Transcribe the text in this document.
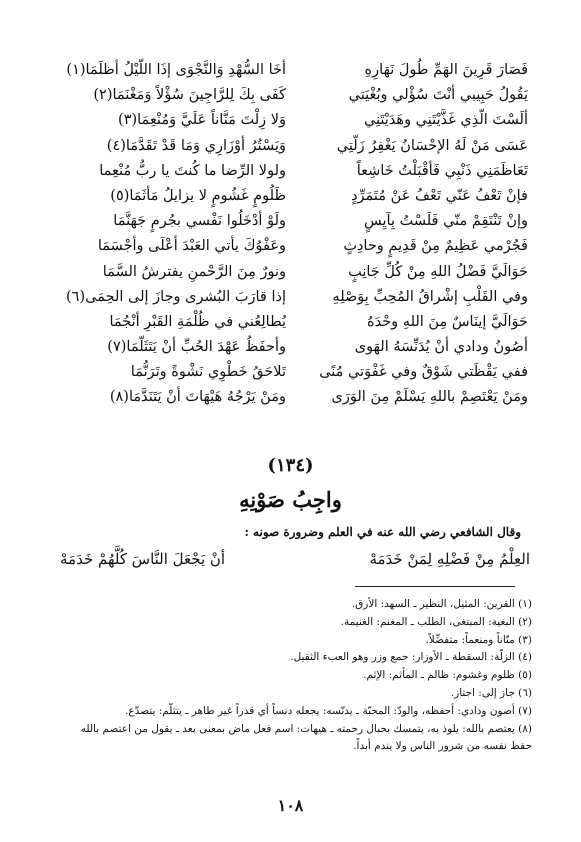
فَصَارَ قَرِينَ الهَمِّ طُولَ نَهَارِهِ
أخَا السُّهْدِ وَالنَّجْوَى إذَا اللَّيْلُ أظلَمَا(١)
يَقُولُ حَبِيبي أنْتَ سُؤْلي وبُغْيَتي
كَفَى بِكَ لِلرَّاجِينَ سُؤْلاً وَمَغْنَمَا(٢)
ألَسْتَ الَّذِي غَذَّيْتَنِي وهَدَيْتَنِي
وَلا زِلْتَ مَنَّاناً عَلَيَّ وَمُنْعِمَا(٣)
عَسَى مَنْ لَهُ الإحْسَانُ يَغْفِرُ زَلَّتِي
وَيَسْتُرُ أوْزَارِي وَمَا قَدْ تَقَدَّمَا(٤)
تَعَاظَمَنِي ذَنْبِي فَأقْبَلْتُ خَاشِعاً
ولولا الرِّضا ما كُنتَ يا ربُّ مُنْعِما
فإنْ تَعْفُ عَنّي تَعْفُ عَنْ مُتَمَرِّدٍ
ظَلُومٍ غَشُومٍ لا يزايلُ مَأثَمَا(٥)
وإنْ تَنْتَقِمْ منّي فَلَسْتُ بِآيِسٍ
ولَوْ أدْخَلُوا نَفْسي بجُرمٍ جَهَنَّمَا
فَجُرْمي عَظِيمٌ مِنْ قَدِيمٍ وحادِثٍ
وعَفْوُكَ يأتي العَبْدَ أعْلَى وأجْسَمَا
حَوَالَيَّ فَضْلُ اللهِ مِنْ كُلِّ جَانِبٍ
ونورٌ مِنَ الرَّحْمنِ يفترشُ السَّمَا
وفي القَلْبِ إشْراقُ المُحِبِّ بِوَصْلِهِ
إذا قارَبَ البُشرى وجازَ إلى الحِمَى(٦)
حَوَالَيَّ إينَاسٌ مِنَ اللهِ وحْدَهُ
يُطالِعُني في ظُلْمَةِ القَبْرِ أنْجُمَا
أصُونُ ودادي أنْ يُدَنِّسَهُ الهَوى
وأحفَظُ عَهْدَ الحُبِّ أنْ يَتَثَلَّمَا(٧)
ففي يَقْظَتي شَوْقٌ وفي غَفْوَتي مُنًى
تَلاحَقُ خَطْوِي نَشْوةً وتَرَنُّمَا
ومَنْ يَعْتَصِمْ باللهِ يَسْلَمْ مِنَ الوَرَى
ومَنْ يَرْجُهُ هَيْهَاتَ أنْ يَتَنَدَّمَا(٨)
(١٣٤)
واجِبُ صَوْنِهِ
وقال الشافعي رضي الله عنه في العلم وضرورة صونه :
العِلْمُ مِنْ فَضْلِهِ لِمَنْ خَدَمَهْ
أنْ يَجْعَلَ النَّاسَ كُلَّهُمْ خَدَمَهْ
(١) القرين: المثيل، النظير ـ السهد: الأرق.
(٢) البغية: المبتغى، الطلب ـ المغنم: الغنيمة.
(٣) منّاناً ومنعماً: متفضِّلاً.
(٤) الزلّة: السقطة ـ الأوزار: جمع وزر وهو العبء الثقيل.
(٥) ظلوم وغشوم: ظالم ـ المأثم: الإثم.
(٦) جاز إلى: اجتاز.
(٧) أصون ودادي: أحفظه، والودّ: المحبّة ـ يدنّسه: يجعله دنساً أي قذراً غير طاهر ـ يتثلّم: يتصدّع.
(٨) يعتصم بالله: يلوذ به، يتمسك بحبال رحمته ـ هيهات: اسم فعل ماض بمعنى بعد ـ يقول من اعتصم بالله حفظ نفسه من شرور الناس ولا يندم أبداً.
١٠٨
